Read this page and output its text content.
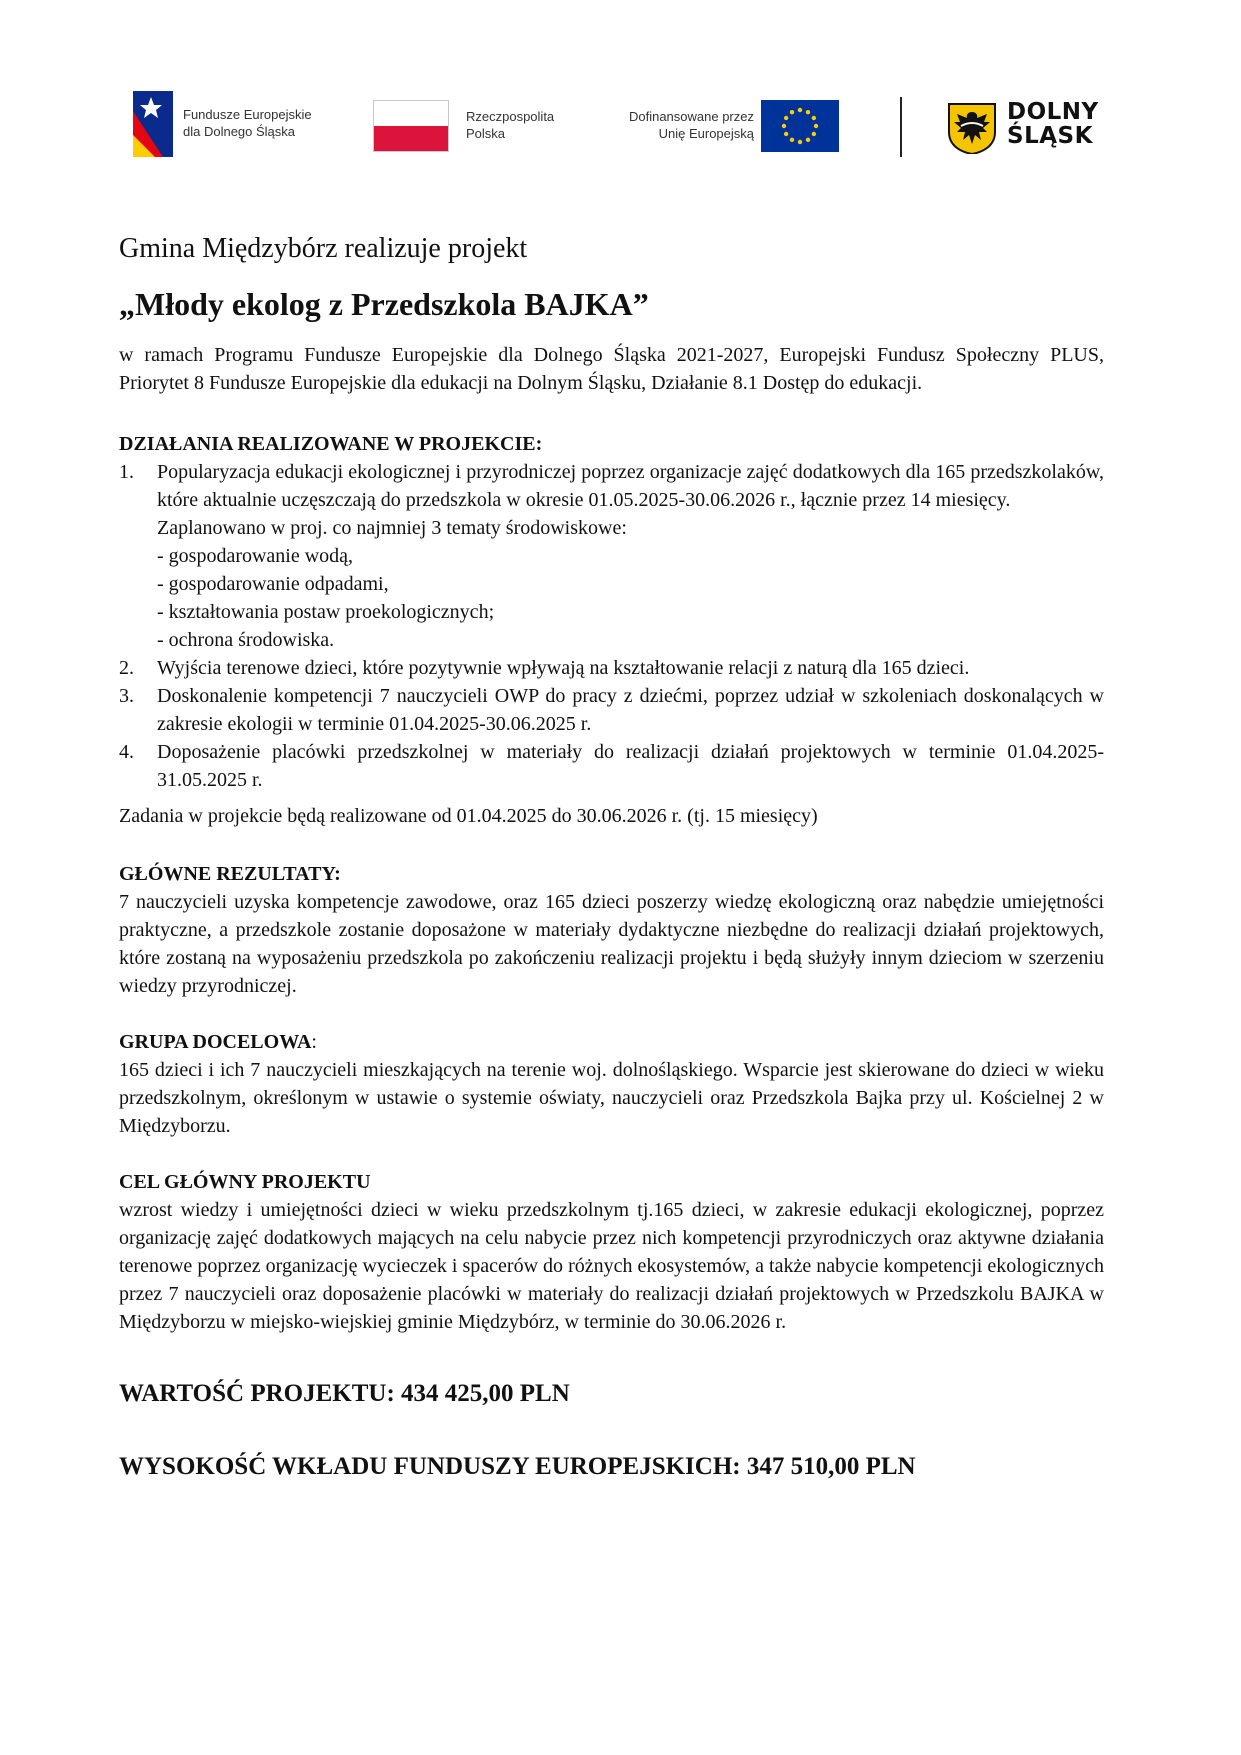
Fundusze Europejskie
dla Dolnego Śląska
Rzeczpospolita
Polska
Dofinansowane przez
Unię Europejską
DOLNY
ŚLĄSK

Gmina Międzybórz realizuje projekt

„Młody ekolog z Przedszkola BAJKA”

w ramach Programu Fundusze Europejskie dla Dolnego Śląska 2021-2027, Europejski Fundusz Społeczny PLUS, Priorytet 8 Fundusze Europejskie dla edukacji na Dolnym Śląsku, Działanie 8.1 Dostęp do edukacji.

DZIAŁANIA REALIZOWANE W PROJEKCIE:
1. Popularyzacja edukacji ekologicznej i przyrodniczej poprzez organizacje zajęć dodatkowych dla 165 przedszkolaków, które aktualnie uczęszczają do przedszkola w okresie 01.05.2025-30.06.2026 r., łącznie przez 14 miesięcy.
Zaplanowano w proj. co najmniej 3 tematy środowiskowe:
- gospodarowanie wodą,
- gospodarowanie odpadami,
- kształtowania postaw proekologicznych;
- ochrona środowiska.
2. Wyjścia terenowe dzieci, które pozytywnie wpływają na kształtowanie relacji z naturą dla 165 dzieci.
3. Doskonalenie kompetencji 7 nauczycieli OWP do pracy z dziećmi, poprzez udział w szkoleniach doskonalących w zakresie ekologii w terminie 01.04.2025-30.06.2025 r.
4. Doposażenie placówki przedszkolnej w materiały do realizacji działań projektowych w terminie 01.04.2025-31.05.2025 r.

Zadania w projekcie będą realizowane od 01.04.2025 do 30.06.2026 r. (tj. 15 miesięcy)

GŁÓWNE REZULTATY:

7 nauczycieli uzyska kompetencje zawodowe, oraz 165 dzieci poszerzy wiedzę ekologiczną oraz nabędzie umiejętności praktyczne, a przedszkole zostanie doposażone w materiały dydaktyczne niezbędne do realizacji działań projektowych, które zostaną na wyposażeniu przedszkola po zakończeniu realizacji projektu i będą służyły innym dzieciom w szerzeniu wiedzy przyrodniczej.

GRUPA DOCELOWA:

165 dzieci i ich 7 nauczycieli mieszkających na terenie woj. dolnośląskiego. Wsparcie jest skierowane do dzieci w wieku przedszkolnym, określonym w ustawie o systemie oświaty, nauczycieli oraz Przedszkola Bajka przy ul. Kościelnej 2 w Międzyborzu.

CEL GŁÓWNY PROJEKTU

wzrost wiedzy i umiejętności dzieci w wieku przedszkolnym tj.165 dzieci, w zakresie edukacji ekologicznej, poprzez organizację zajęć dodatkowych mających na celu nabycie przez nich kompetencji przyrodniczych oraz aktywne działania terenowe poprzez organizację wycieczek i spacerów do różnych ekosystemów, a także nabycie kompetencji ekologicznych przez 7 nauczycieli oraz doposażenie placówki w materiały do realizacji działań projektowych w Przedszkolu BAJKA w Międzyborzu w miejsko-wiejskiej gminie Międzybórz, w terminie do 30.06.2026 r.

WARTOŚĆ PROJEKTU: 434 425,00 PLN
WYSOKOŚĆ WKŁADU FUNDUSZY EUROPEJSKICH: 347 510,00 PLN
